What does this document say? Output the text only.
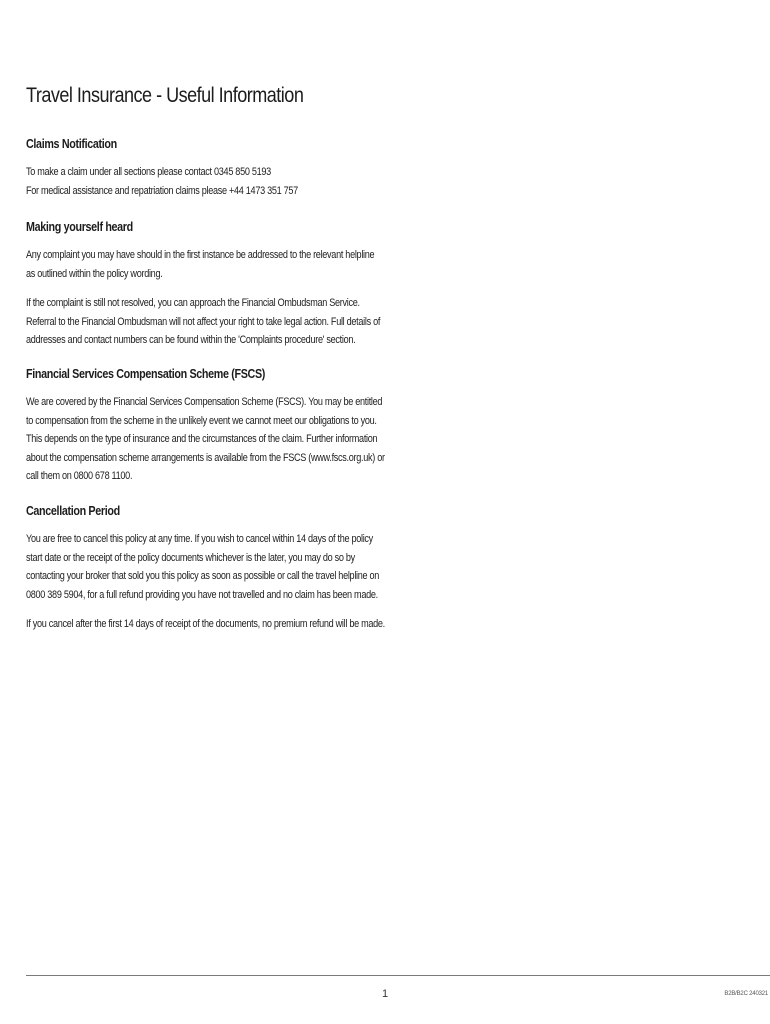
Travel Insurance - Useful Information
Claims Notification

To make a claim under all sections please contact 0345 850 5193
For medical assistance and repatriation claims please +44 1473 351 757

Making yourself heard

Any complaint you may have should in the first instance be addressed to the relevant helpline
as outlined within the policy wording.

If the complaint is still not resolved, you can approach the Financial Ombudsman Service.
Referral to the Financial Ombudsman will not affect your right to take legal action. Full details of
addresses and contact numbers can be found within the 'Complaints procedure' section.

Financial Services Compensation Scheme (FSCS)

We are covered by the Financial Services Compensation Scheme (FSCS). You may be entitled
to compensation from the scheme in the unlikely event we cannot meet our obligations to you.
This depends on the type of insurance and the circumstances of the claim. Further information
about the compensation scheme arrangements is available from the FSCS (www.fscs.org.uk) or
call them on 0800 678 1100.

Cancellation Period

You are free to cancel this policy at any time. If you wish to cancel within 14 days of the policy
start date or the receipt of the policy documents whichever is the later, you may do so by
contacting your broker that sold you this policy as soon as possible or call the travel helpline on
0800 389 5904, for a full refund providing you have not travelled and no claim has been made.

If you cancel after the first 14 days of receipt of the documents, no premium refund will be made.

1	B2B/B2C 240321
